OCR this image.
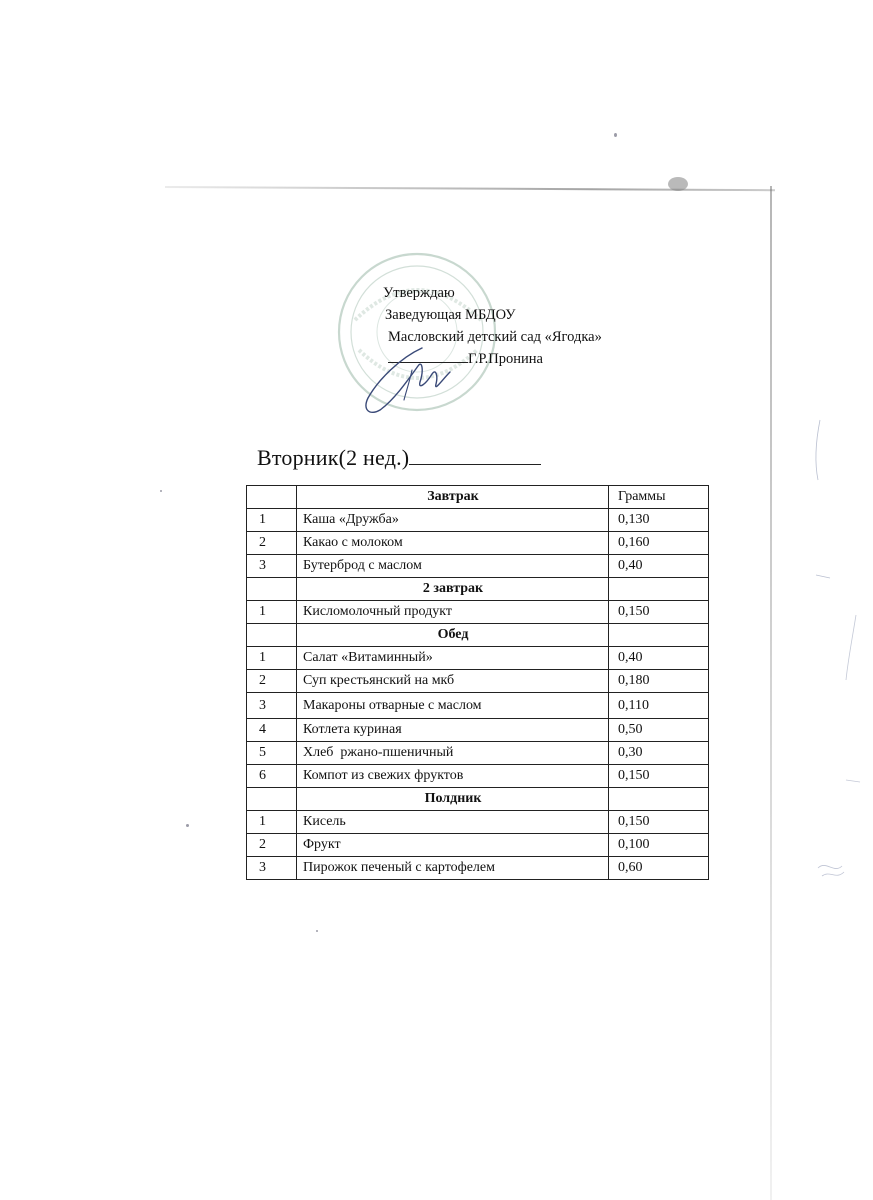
Утверждаю
Заведующая МБДОУ
Масловский детский сад «Ягодка»
Г.Р.Пронина
Вторник(2 нед.)
	Завтрак	Граммы
1	Каша «Дружба»	0,130
2	Какао с молоком	0,160
3	Бутерброд с маслом	0,40
	2 завтрак	
1	Кисломолочный продукт	0,150
	Обед	
1	Салат «Витаминный»	0,40
2	Суп крестьянский на мкб	0,180
3	Макароны отварные с маслом	0,110
4	Котлета куриная	0,50
5	Хлеб  ржано-пшеничный	0,30
6	Компот из свежих фруктов	0,150
	Полдник	
1	Кисель	0,150
2	Фрукт	0,100
3	Пирожок печеный с картофелем	0,60
